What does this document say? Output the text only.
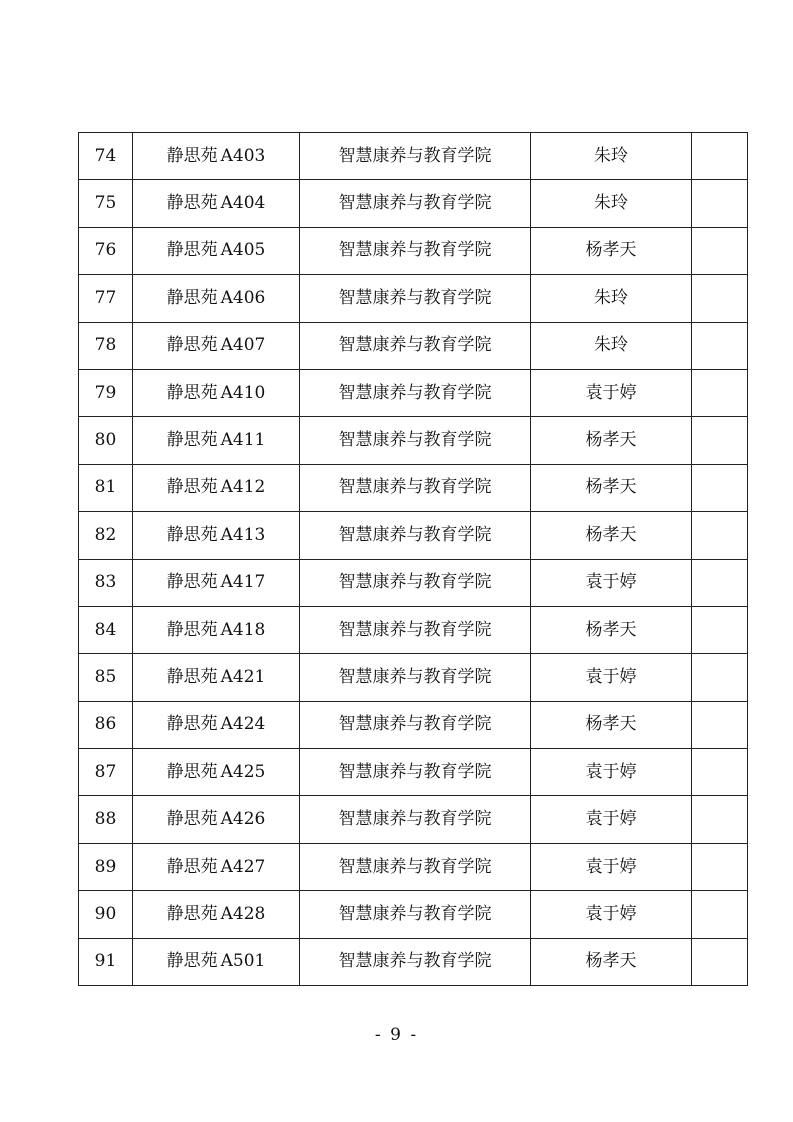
74	静思苑 A403	智慧康养与教育学院	朱玲	
75	静思苑 A404	智慧康养与教育学院	朱玲	
76	静思苑 A405	智慧康养与教育学院	杨孝天	
77	静思苑 A406	智慧康养与教育学院	朱玲	
78	静思苑 A407	智慧康养与教育学院	朱玲	
79	静思苑 A410	智慧康养与教育学院	袁于婷	
80	静思苑 A411	智慧康养与教育学院	杨孝天	
81	静思苑 A412	智慧康养与教育学院	杨孝天	
82	静思苑 A413	智慧康养与教育学院	杨孝天	
83	静思苑 A417	智慧康养与教育学院	袁于婷	
84	静思苑 A418	智慧康养与教育学院	杨孝天	
85	静思苑 A421	智慧康养与教育学院	袁于婷	
86	静思苑 A424	智慧康养与教育学院	杨孝天	
87	静思苑 A425	智慧康养与教育学院	袁于婷	
88	静思苑 A426	智慧康养与教育学院	袁于婷	
89	静思苑 A427	智慧康养与教育学院	袁于婷	
90	静思苑 A428	智慧康养与教育学院	袁于婷	
91	静思苑 A501	智慧康养与教育学院	杨孝天	
- 9 -
